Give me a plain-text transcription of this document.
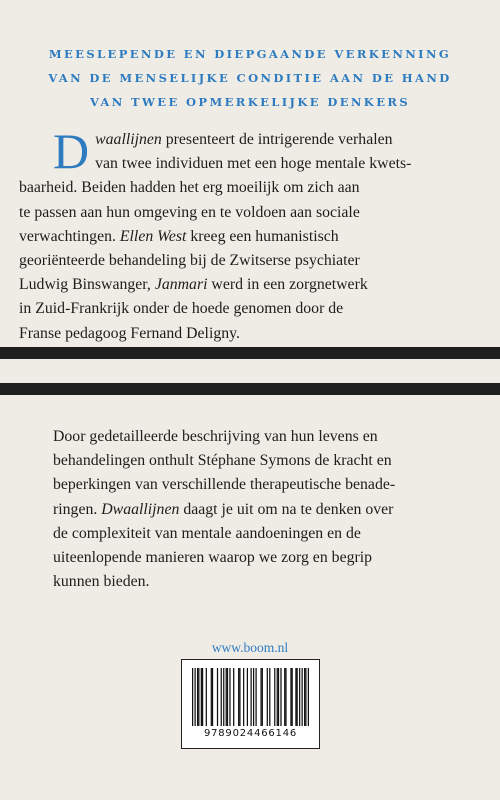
MEESLEPENDE EN DIEPGAANDE VERKENNING
VAN DE MENSELIJKE CONDITIE AAN DE HAND
VAN TWEE OPMERKELIJKE DENKERS

D waallijnen presenteert de intrigerende verhalen
van twee individuen met een hoge mentale kwets-
baarheid. Beiden hadden het erg moeilijk om zich aan
te passen aan hun omgeving en te voldoen aan sociale
verwachtingen. Ellen West kreeg een humanistisch
georiënteerde behandeling bij de Zwitserse psychiater
Ludwig Binswanger, Janmari werd in een zorgnetwerk
in Zuid-Frankrijk onder de hoede genomen door de
Franse pedagoog Fernand Deligny.

Door gedetailleerde beschrijving van hun levens en
behandelingen onthult Stéphane Symons de kracht en
beperkingen van verschillende therapeutische benade-
ringen. Dwaallijnen daagt je uit om na te denken over
de complexiteit van mentale aandoeningen en de
uiteenlopende manieren waarop we zorg en begrip
kunnen bieden.

www.boom.nl
9789024466146
